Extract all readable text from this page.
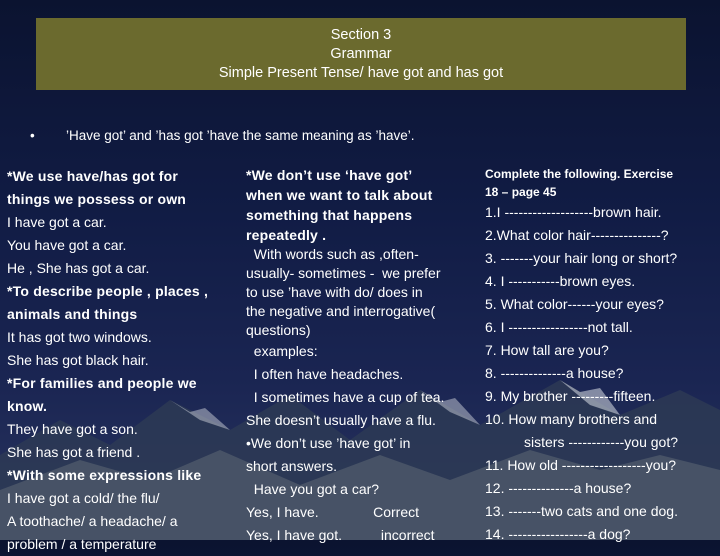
Section 3
Grammar
Simple Present Tense/ have got and has got
• ’Have got’ and ’has got ’have the same meaning as ’have’.
*We use have/has got for
things we possess or own
I have got a car.
You have got a car.
He , She has got a car.
*To describe people , places ,
animals and things
It has got two windows.
She has got black hair.
*For families and people we
know.
They have got a son.
She has got a friend .
*With some expressions like
I have got a cold/ the flu/
A toothache/ a headache/ a
problem / a temperature
*We don’t use ‘have got’
when we want to talk about
something that happens
repeatedly .
With words such as ,often-
usually- sometimes -  we prefer
to use ’have with do/ does in
the negative and interrogative(
questions)
examples:
I often have headaches.
I sometimes have a cup of tea.
She doesn’t usually have a flu.
•We don’t use ’have got’ in
short answers.
Have you got a car?
Yes, I have.              Correct
Yes, I have got.          incorrect
Complete the following. Exercise
18 – page 45
1.I -------------------brown hair.
2.What color hair---------------?
3. -------your hair long or short?
4. I -----------brown eyes.
5. What color------your eyes?
6. I -----------------not tall.
7. How tall are you?
8. --------------a house?
9. My brother ---------fifteen.
10. How many brothers and
sisters ------------you got?
11. How old ------------------you?
12. --------------a house?
13. -------two cats and one dog.
14. -----------------a dog?
